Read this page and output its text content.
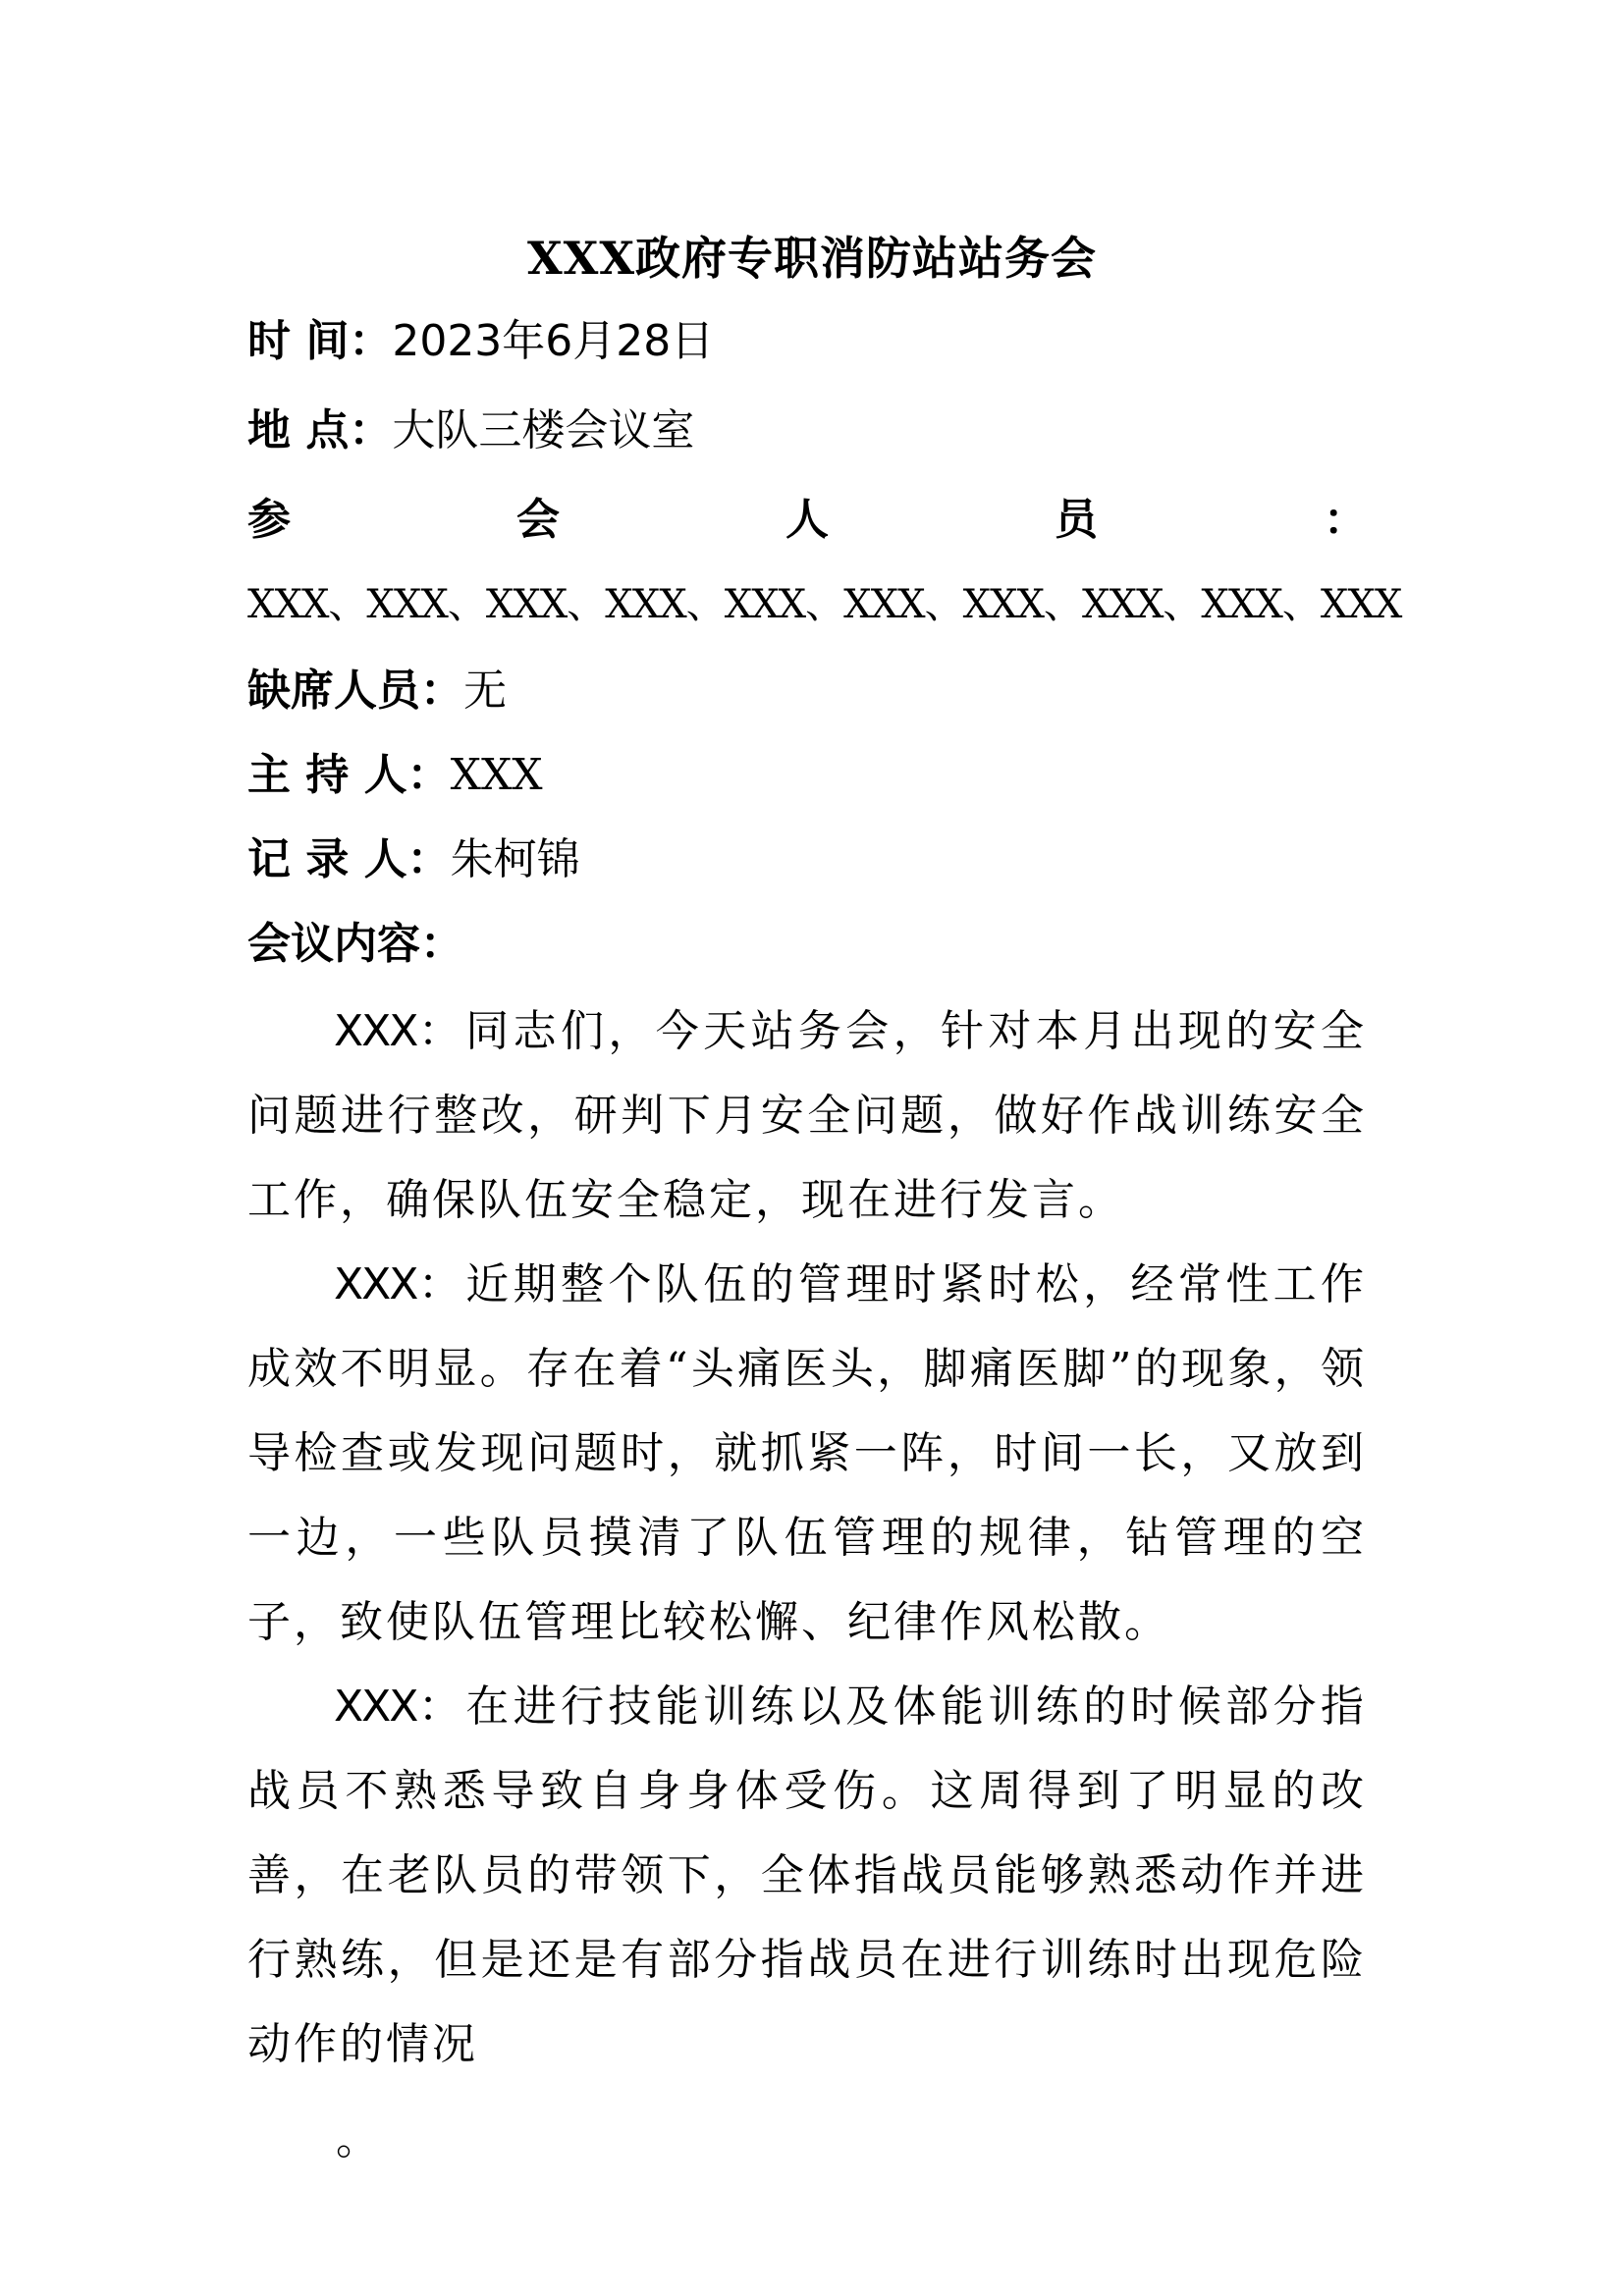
XXX政府专职消防站站务会
时 间：2023年6月28日
地 点：大队三楼会议室
参	会	人	员	：
XXX、XXX、XXX、XXX、XXX、XXX、XXX、XXX、XXX、XXX
缺席人员：无
主 持 人：XXX
记 录 人：朱柯锦
会议内容：
XXX：同志们，今天站务会，针对本月出现的安全问题进行整改，研判下月安全问题，做好作战训练安全工作，确保队伍安全稳定，现在进行发言。
XXX：近期整个队伍的管理时紧时松，经常性工作成效不明显。存在着“头痛医头，脚痛医脚”的现象，领导检查或发现问题时，就抓紧一阵，时间一长，又放到一边，一些队员摸清了队伍管理的规律，钻管理的空子，致使队伍管理比较松懈、纪律作风松散。
XXX：在进行技能训练以及体能训练的时候部分指战员不熟悉导致自身身体受伤。这周得到了明显的改善，在老队员的带领下，全体指战员能够熟悉动作并进行熟练，但是还是有部分指战员在进行训练时出现危险动作的情况
。
